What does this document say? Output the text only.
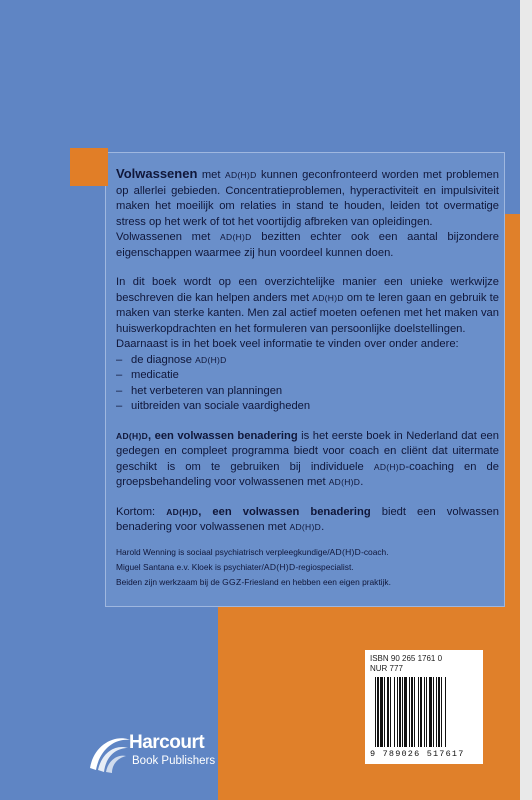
Volwassenen met AD(H)D kunnen geconfronteerd worden met problemen op allerlei gebieden. Concentratieproblemen, hyperactiviteit en impulsiviteit maken het moeilijk om relaties in stand te houden, leiden tot overmatige stress op het werk of tot het voortijdig afbreken van opleidingen.

Volwassenen met AD(H)D bezitten echter ook een aantal bijzondere eigenschappen waarmee zij hun voordeel kunnen doen.

In dit boek wordt op een overzichtelijke manier een unieke werkwijze beschreven die kan helpen anders met AD(H)D om te leren gaan en gebruik te maken van sterke kanten. Men zal actief moeten oefenen met het maken van huiswerkopdrachten en het formuleren van persoonlijke doelstellingen.

Daarnaast is in het boek veel informatie te vinden over onder andere:

– de diagnose AD(H)D
– medicatie
– het verbeteren van planningen
– uitbreiden van sociale vaardigheden

AD(H)D, een volwassen benadering is het eerste boek in Nederland dat een gedegen en compleet programma biedt voor coach en cliënt dat uitermate geschikt is om te gebruiken bij individuele AD(H)D-coaching en de groepsbehandeling voor volwassenen met AD(H)D.

Kortom: AD(H)D, een volwassen benadering biedt een volwassen benadering voor volwassenen met AD(H)D.

Harold Wenning is sociaal psychiatrisch verpleegkundige/AD(H)D-coach.

Miguel Santana e.v. Kloek is psychiater/AD(H)D-regiospecialist.

Beiden zijn werkzaam bij de GGZ-Friesland en hebben een eigen praktijk.

ISBN 90 265 1761 0
NUR 777
9 789026 517617
Harcourt
Book Publishers
